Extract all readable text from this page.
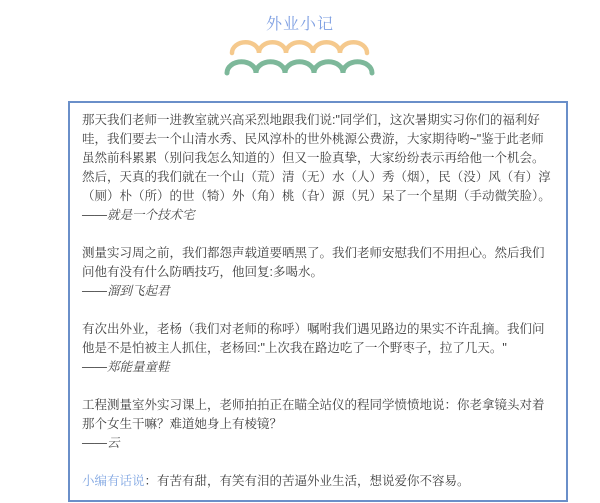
外业小记

那天我们老师一进教室就兴高采烈地跟我们说:"同学们，这次暑期实习你们的福利好哇，我们要去一个山清水秀、民风淳朴的世外桃源公费游，大家期待哟~"鉴于此老师虽然前科累累（别问我怎么知道的）但又一脸真挚，大家纷纷表示再给他一个机会。然后，天真的我们就在一个山（荒）清（无）水（人）秀（烟），民（没）风（有）淳（厕）朴（所）的世（犄）外（角）桃（旮）源（旯）呆了一个星期（手动微笑脸）。

——就是一个技术宅

测量实习周之前，我们都怨声载道要晒黑了。我们老师安慰我们不用担心。然后我们问他有没有什么防晒技巧，他回复:多喝水。

——溜到飞起君

有次出外业，老杨（我们对老师的称呼）嘱咐我们遇见路边的果实不许乱摘。我们问他是不是怕被主人抓住，老杨回:"上次我在路边吃了一个野枣子，拉了几天。"

——郑能量童鞋

工程测量室外实习课上，老师拍拍正在瞄全站仪的程同学愤愤地说：你老拿镜头对着那个女生干嘛？难道她身上有棱镜？

——云

小编有话说：有苦有甜，有笑有泪的苦逼外业生活，想说爱你不容易。
